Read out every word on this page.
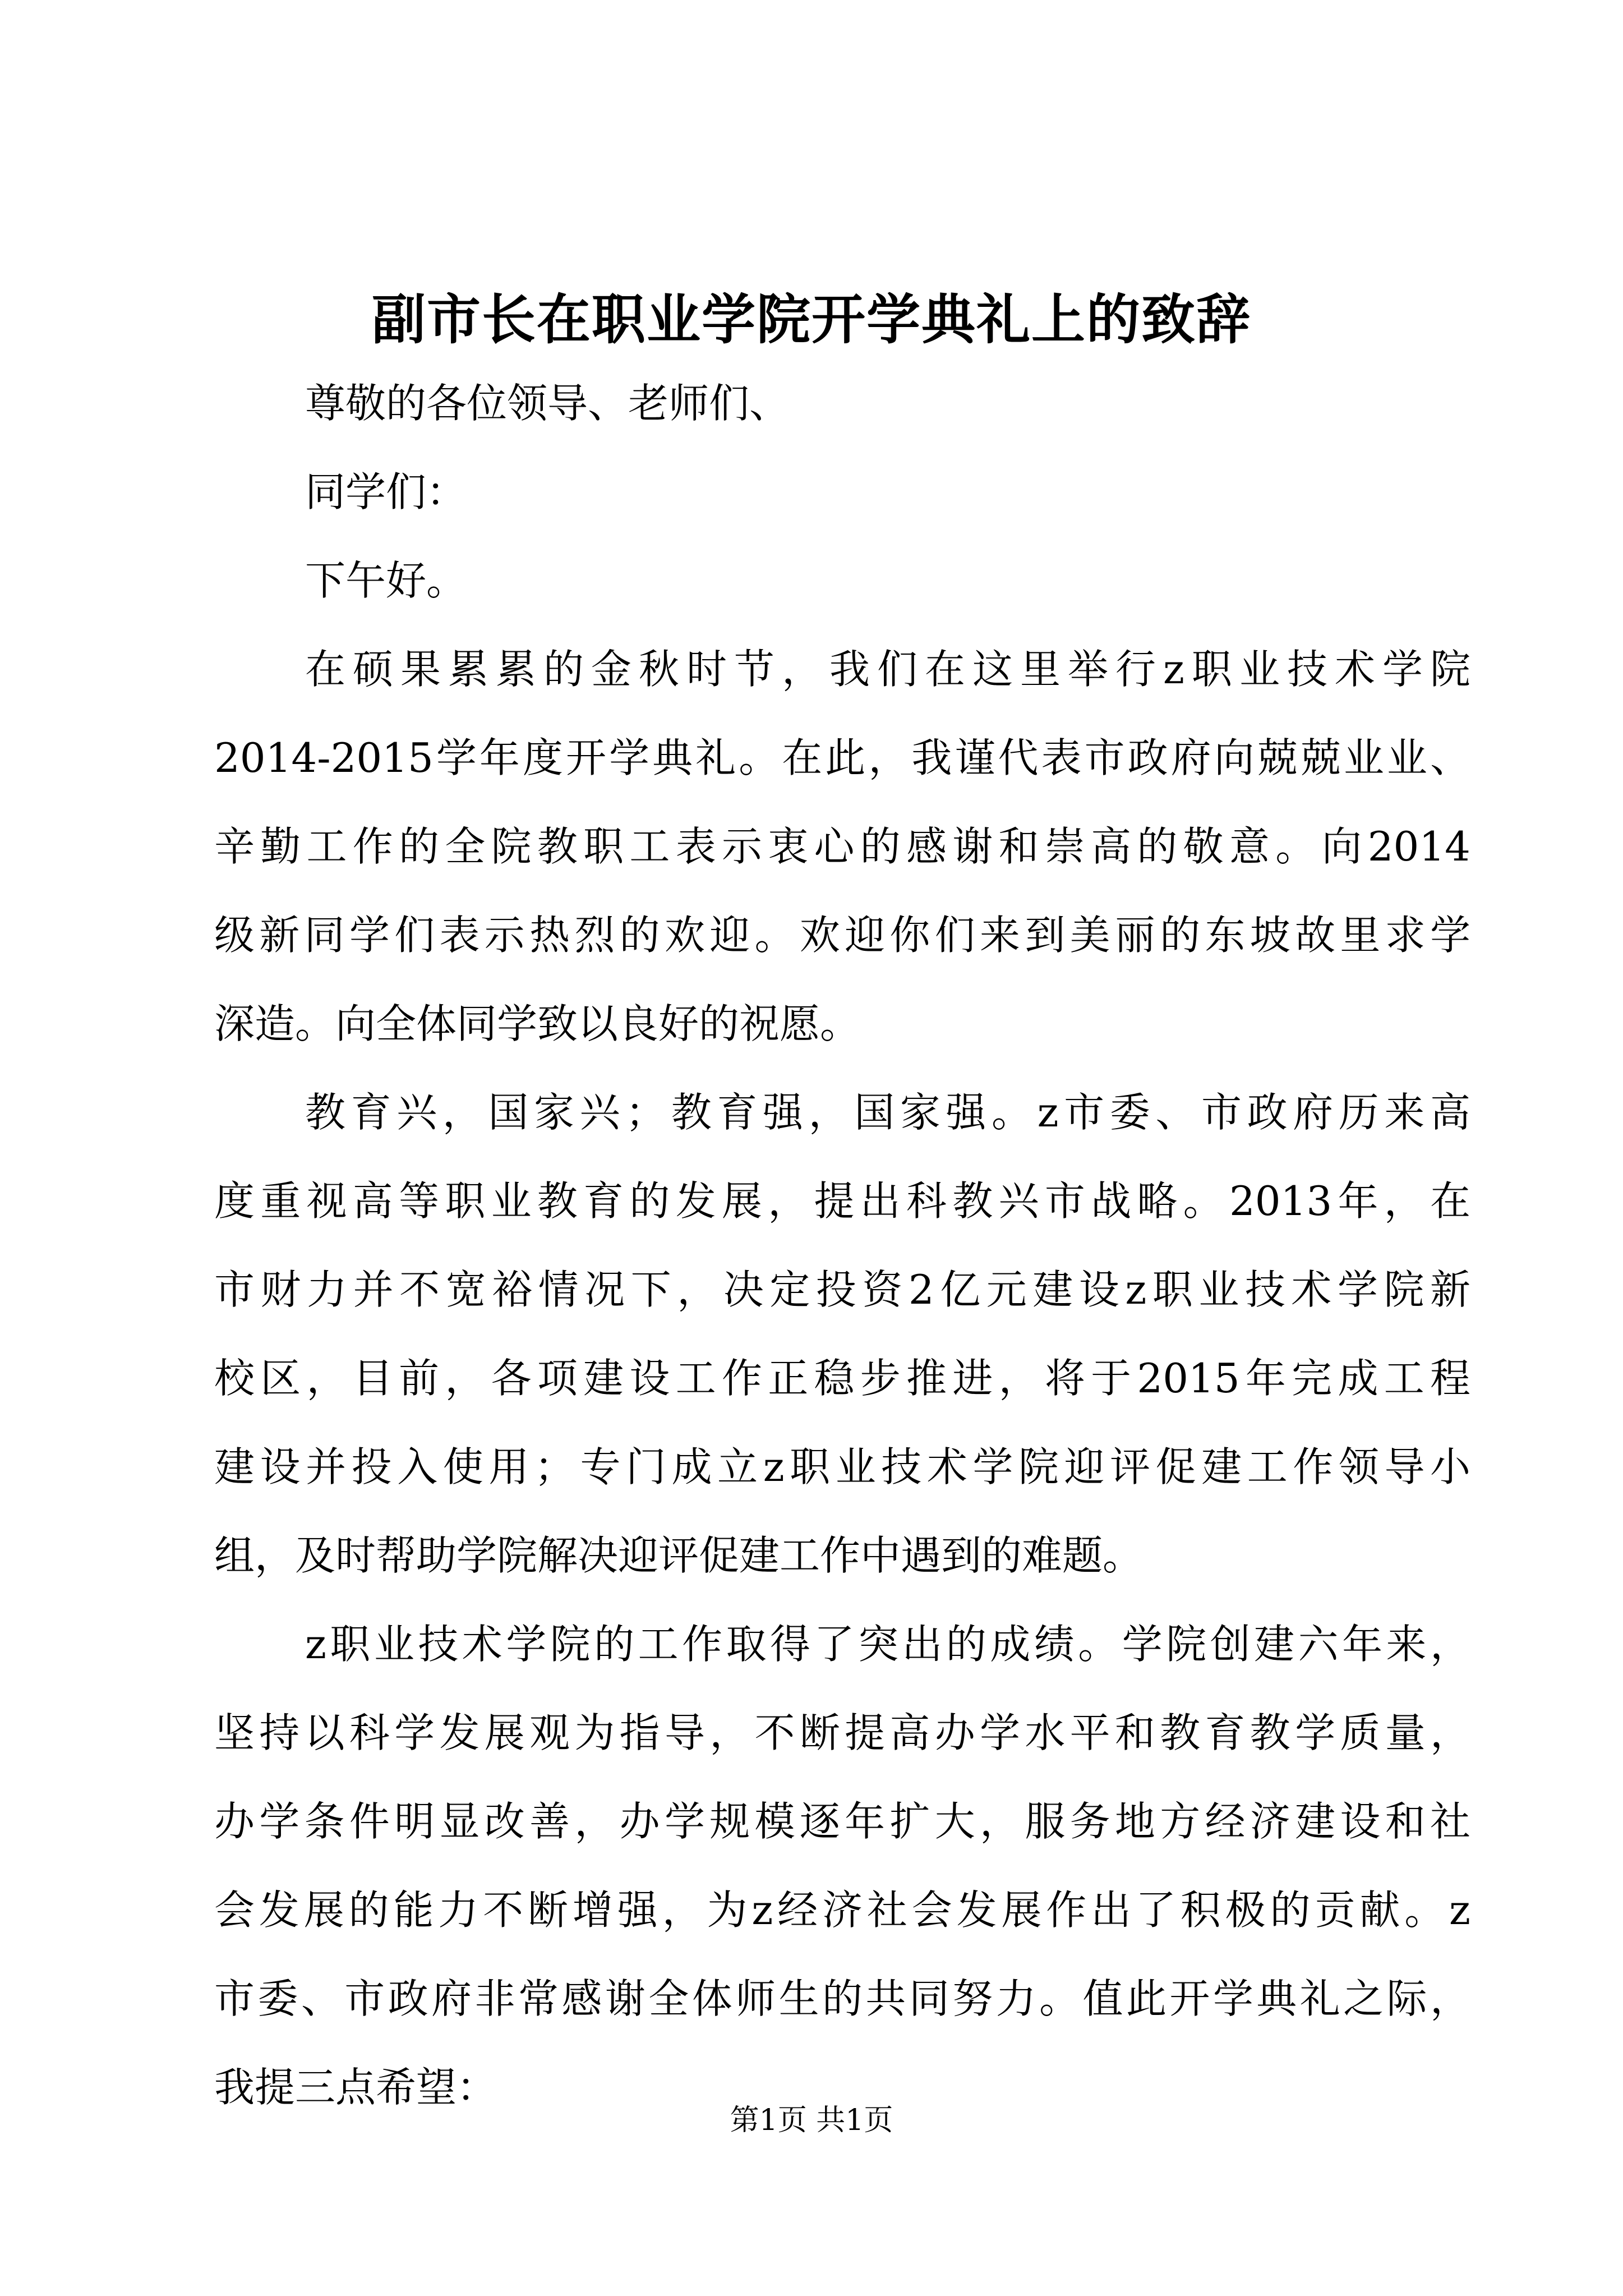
副市长在职业学院开学典礼上的致辞

尊敬的各位领导、老师们、

同学们：

下午好。

在硕果累累的金秋时节，我们在这里举行z职业技术学院

2014-2015学年度开学典礼。在此，我谨代表市政府向兢兢业业、

辛勤工作的全院教职工表示衷心的感谢和崇高的敬意。向2014

级新同学们表示热烈的欢迎。欢迎你们来到美丽的东坡故里求学

深造。向全体同学致以良好的祝愿。

教育兴，国家兴；教育强，国家强。z市委、市政府历来高

度重视高等职业教育的发展，提出科教兴市战略。2013年，在

市财力并不宽裕情况下，决定投资2亿元建设z职业技术学院新

校区，目前，各项建设工作正稳步推进，将于2015年完成工程

建设并投入使用；专门成立z职业技术学院迎评促建工作领导小

组，及时帮助学院解决迎评促建工作中遇到的难题。

z职业技术学院的工作取得了突出的成绩。学院创建六年来，

坚持以科学发展观为指导，不断提高办学水平和教育教学质量，

办学条件明显改善，办学规模逐年扩大，服务地方经济建设和社

会发展的能力不断增强，为z经济社会发展作出了积极的贡献。z

市委、市政府非常感谢全体师生的共同努力。值此开学典礼之际，

我提三点希望：

第1页 共1页
